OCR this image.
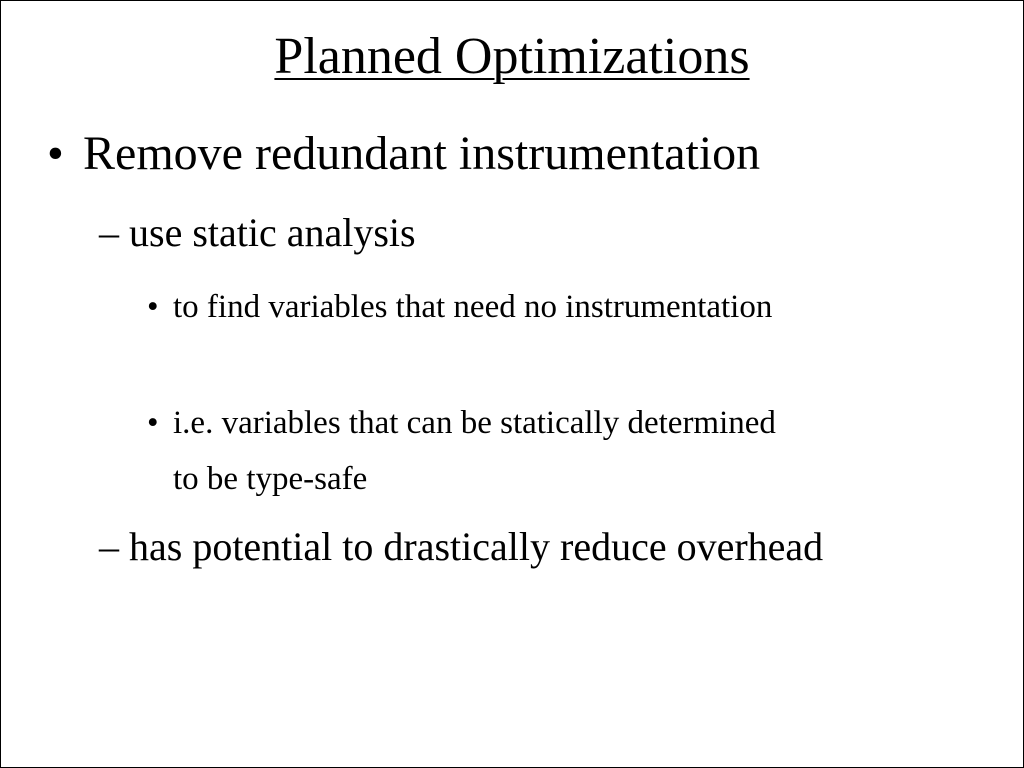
Planned Optimizations
• Remove redundant instrumentation
– use static analysis
• to find variables that need no instrumentation
• i.e. variables that can be statically determined to be type-safe
– has potential to drastically reduce overhead
